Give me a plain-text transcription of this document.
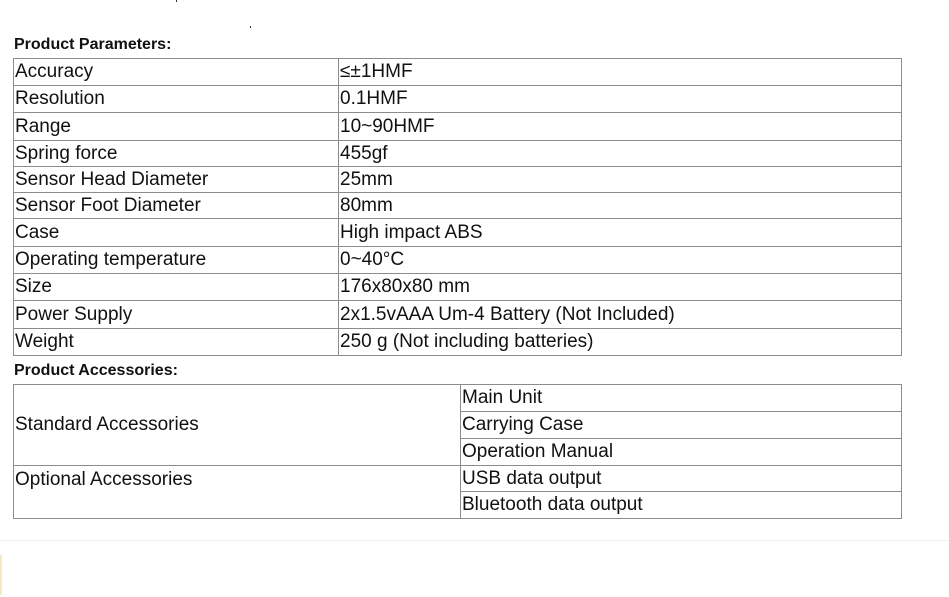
Product Parameters:
Accuracy	≤±1HMF
Resolution	0.1HMF
Range	10~90HMF
Spring force	455gf
Sensor Head Diameter	25mm
Sensor Foot Diameter	80mm
Case	High impact ABS
Operating temperature	0~40°C
Size	176x80x80 mm
Power Supply	2x1.5vAAA Um-4 Battery (Not Included)
Weight	250 g (Not including batteries)
Product Accessories:
Standard Accessories	Main Unit
	Carrying Case
	Operation Manual
Optional Accessories	USB data output
	Bluetooth data output
